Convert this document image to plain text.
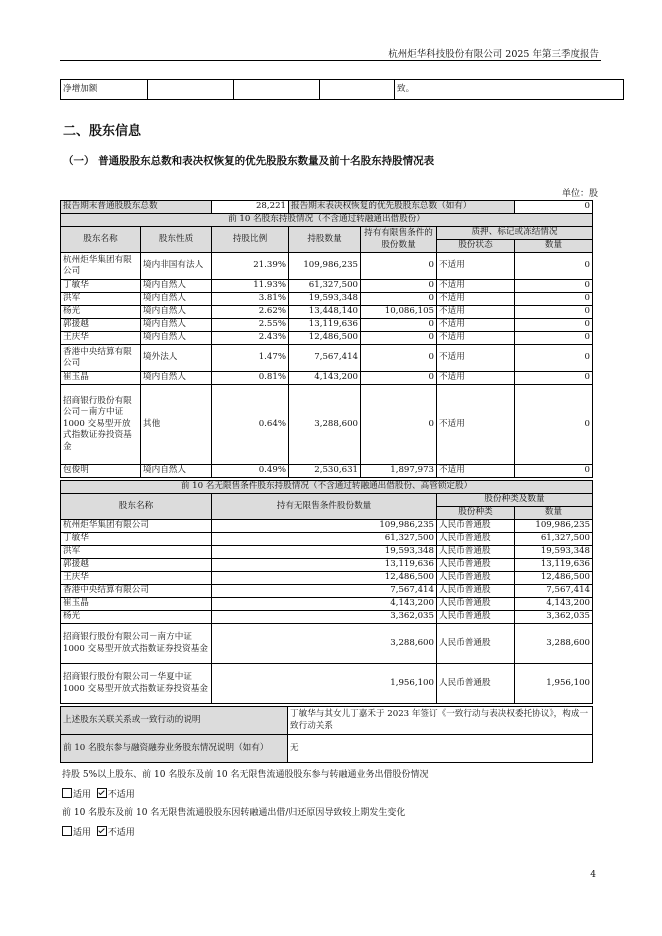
杭州炬华科技股份有限公司 2025 年第三季度报告
净增加额				致。
二、股东信息
（一） 普通股股东总数和表决权恢复的优先股股东数量及前十名股东持股情况表
单位：股
报告期末普通股股东总数		28,221	报告期末表决权恢复的优先股股东总数（如有）			0
前 10 名股东持股情况（不含通过转融通出借股份）						
股东名称	股东性质	持股比例	持股数量	持有有限售条件的股份数量	质押、标记或冻结情况	
					股份状态	数量
杭州炬华集团有限公司	境内非国有法人	21.39%	109,986,235	0	不适用	0
丁敏华	境内自然人	11.93%	61,327,500	0	不适用	0
洪军	境内自然人	3.81%	19,593,348	0	不适用	0
杨光	境内自然人	2.62%	13,448,140	10,086,105	不适用	0
郭援越	境内自然人	2.55%	13,119,636	0	不适用	0
王庆华	境内自然人	2.43%	12,486,500	0	不适用	0
香港中央结算有限公司	境外法人	1.47%	7,567,414	0	不适用	0
崔玉晶	境内自然人	0.81%	4,143,200	0	不适用	0
招商银行股份有限公司－南方中证 1000 交易型开放式指数证券投资基金	其他	0.64%	3,288,600	0	不适用	0
包俊明	境内自然人	0.49%	2,530,631	1,897,973	不适用	0
前 10 名无限售条件股东持股情况（不含通过转融通出借股份、高管锁定股）			
股东名称	持有无限售条件股份数量	股份种类及数量	
		股份种类	数量
杭州炬华集团有限公司	109,986,235	人民币普通股	109,986,235
丁敏华	61,327,500	人民币普通股	61,327,500
洪军	19,593,348	人民币普通股	19,593,348
郭援越	13,119,636	人民币普通股	13,119,636
王庆华	12,486,500	人民币普通股	12,486,500
香港中央结算有限公司	7,567,414	人民币普通股	7,567,414
崔玉晶	4,143,200	人民币普通股	4,143,200
杨光	3,362,035	人民币普通股	3,362,035
招商银行股份有限公司－南方中证 1000 交易型开放式指数证券投资基金	3,288,600	人民币普通股	3,288,600
招商银行股份有限公司－华夏中证 1000 交易型开放式指数证券投资基金	1,956,100	人民币普通股	1,956,100
上述股东关联关系或一致行动的说明	丁敏华与其女儿丁嘉禾于 2023 年签订《一致行动与表决权委托协议》，构成一致行动关系
前 10 名股东参与融资融券业务股东情况说明（如有）	无
持股 5%以上股东、前 10 名股东及前 10 名无限售流通股股东参与转融通业务出借股份情况
适用 不适用
前 10 名股东及前 10 名无限售流通股股东因转融通出借/归还原因导致较上期发生变化
适用 不适用
4
